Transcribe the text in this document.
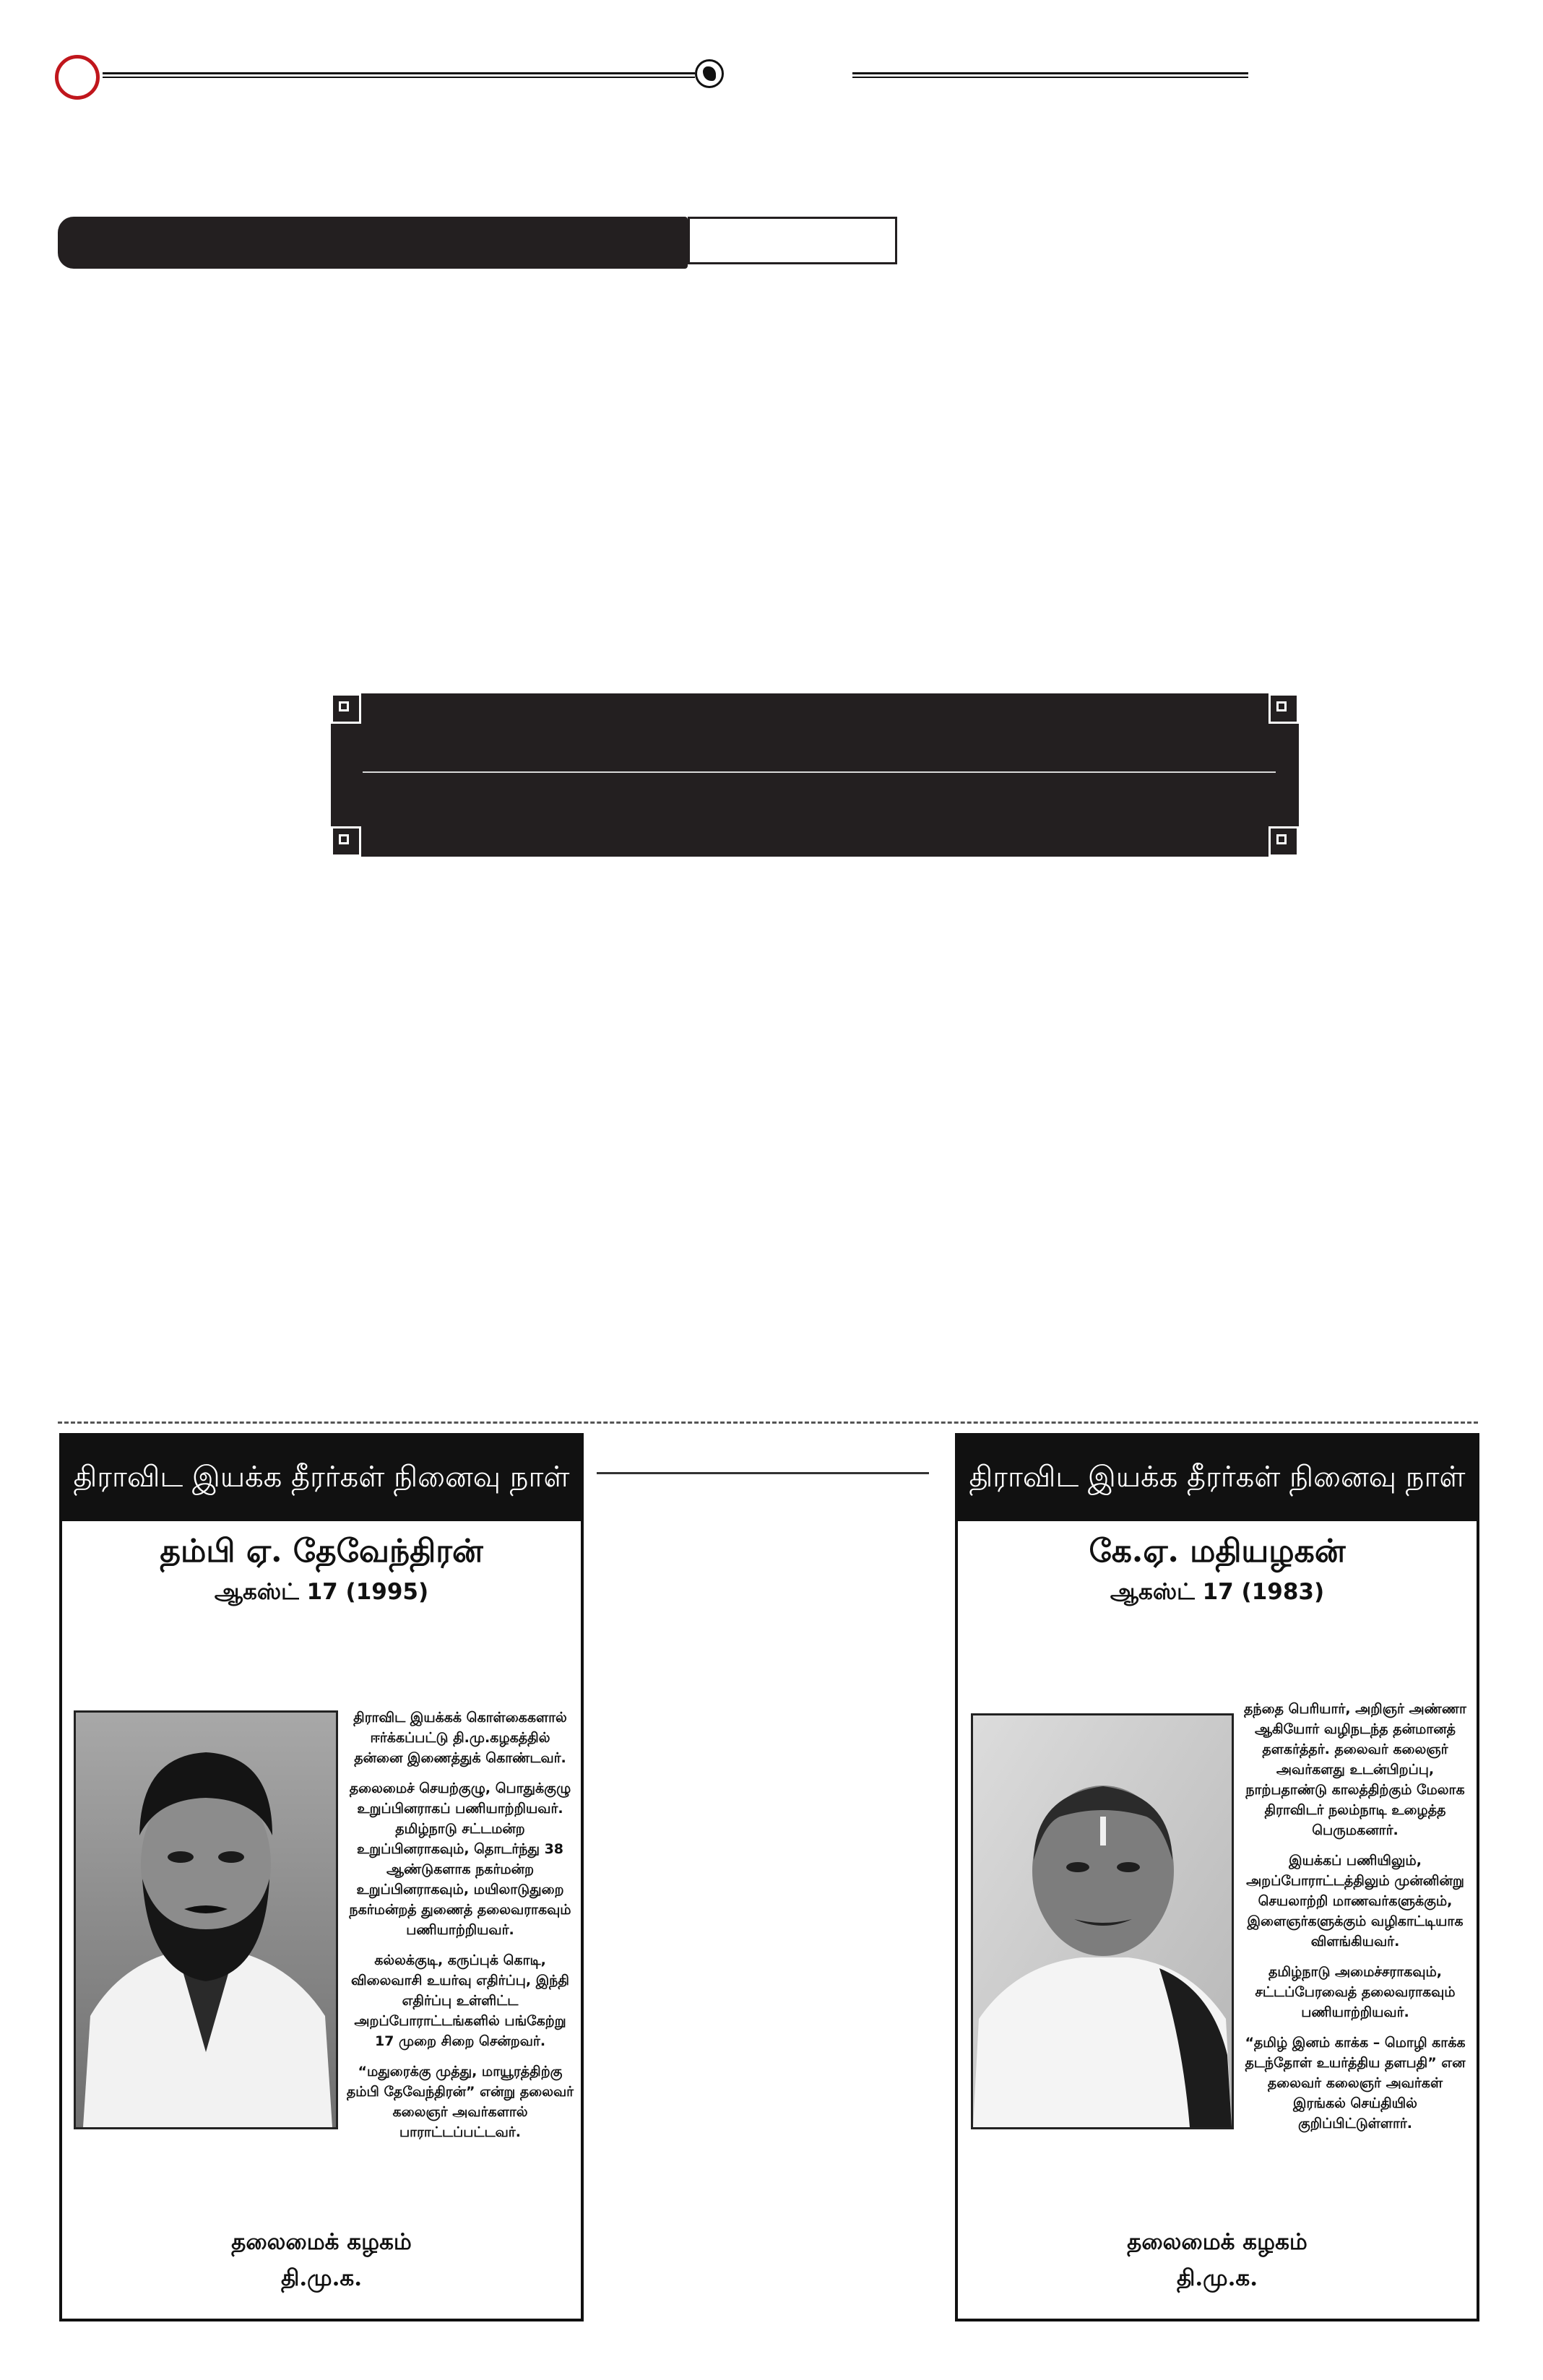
திராவிட இயக்க தீரர்கள் நினைவு நாள்
தம்பி ஏ. தேவேந்திரன்
ஆகஸ்ட் 17 (1995)

திராவிட இயக்கக் கொள்கைகளால் ஈர்க்கப்பட்டு தி.மு.கழகத்தில் தன்னை இணைத்துக் கொண்டவர்.

தலைமைச் செயற்குழு, பொதுக்குழு உறுப்பினராகப் பணியாற்றியவர். தமிழ்நாடு சட்டமன்ற உறுப்பினராகவும், தொடர்ந்து 38 ஆண்டுகளாக நகர்மன்ற உறுப்பினராகவும், மயிலாடுதுறை நகர்மன்றத் துணைத் தலைவராகவும் பணியாற்றியவர்.

கல்லக்குடி, கருப்புக் கொடி, விலைவாசி உயர்வு எதிர்ப்பு, இந்தி எதிர்ப்பு உள்ளிட்ட அறப்போராட்டங்களில் பங்கேற்று 17 முறை சிறை சென்றவர்.

“மதுரைக்கு முத்து, மாயூரத்திற்கு தம்பி தேவேந்திரன்” என்று தலைவர் கலைஞர் அவர்களால் பாராட்டப்பட்டவர்.

தலைமைக் கழகம்
தி.மு.க.
திராவிட இயக்க தீரர்கள் நினைவு நாள்
கே.ஏ. மதியழகன்
ஆகஸ்ட் 17 (1983)

தந்தை பெரியார், அறிஞர் அண்ணா ஆகியோர் வழிநடந்த தன்மானத் தளகர்த்தர். தலைவர் கலைஞர் அவர்களது உடன்பிறப்பு, நாற்பதாண்டு காலத்திற்கும் மேலாக திராவிடர் நலம்நாடி உழைத்த பெருமகனார்.

இயக்கப் பணியிலும், அறப்போராட்டத்திலும் முன்னின்று செயலாற்றி மாணவர்களுக்கும், இளைஞர்களுக்கும் வழிகாட்டியாக விளங்கியவர்.

தமிழ்நாடு அமைச்சராகவும், சட்டப்பேரவைத் தலைவராகவும் பணியாற்றியவர்.

“தமிழ் இனம் காக்க – மொழி காக்க தடந்தோள் உயர்த்திய தளபதி” என தலைவர் கலைஞர் அவர்கள் இரங்கல் செய்தியில் குறிப்பிட்டுள்ளார்.

தலைமைக் கழகம்
தி.மு.க.
